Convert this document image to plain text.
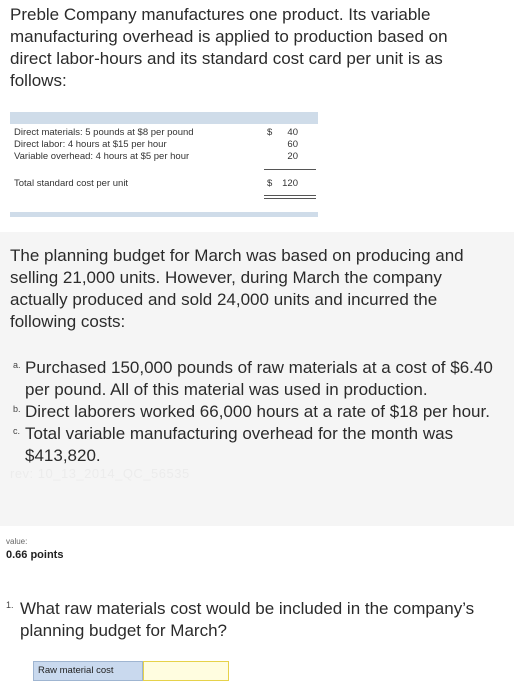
Preble Company manufactures one product. Its variable manufacturing overhead is applied to production based on direct labor-hours and its standard cost card per unit is as follows:
Direct materials: 5 pounds at $8 per pound	$ 40
Direct labor: 4 hours at $15 per hour	60
Variable overhead: 4 hours at $5 per hour	20
Total standard cost per unit	$ 120
The planning budget for March was based on producing and selling 21,000 units. However, during March the company actually produced and sold 24,000 units and incurred the following costs:
a. Purchased 150,000 pounds of raw materials at a cost of $6.40 per pound. All of this material was used in production.
b. Direct laborers worked 66,000 hours at a rate of $18 per hour.
c. Total variable manufacturing overhead for the month was $413,820.
rev: 10_13_2014_QC_56535
value:
0.66 points
1. What raw materials cost would be included in the company’s planning budget for March?
Raw material cost
